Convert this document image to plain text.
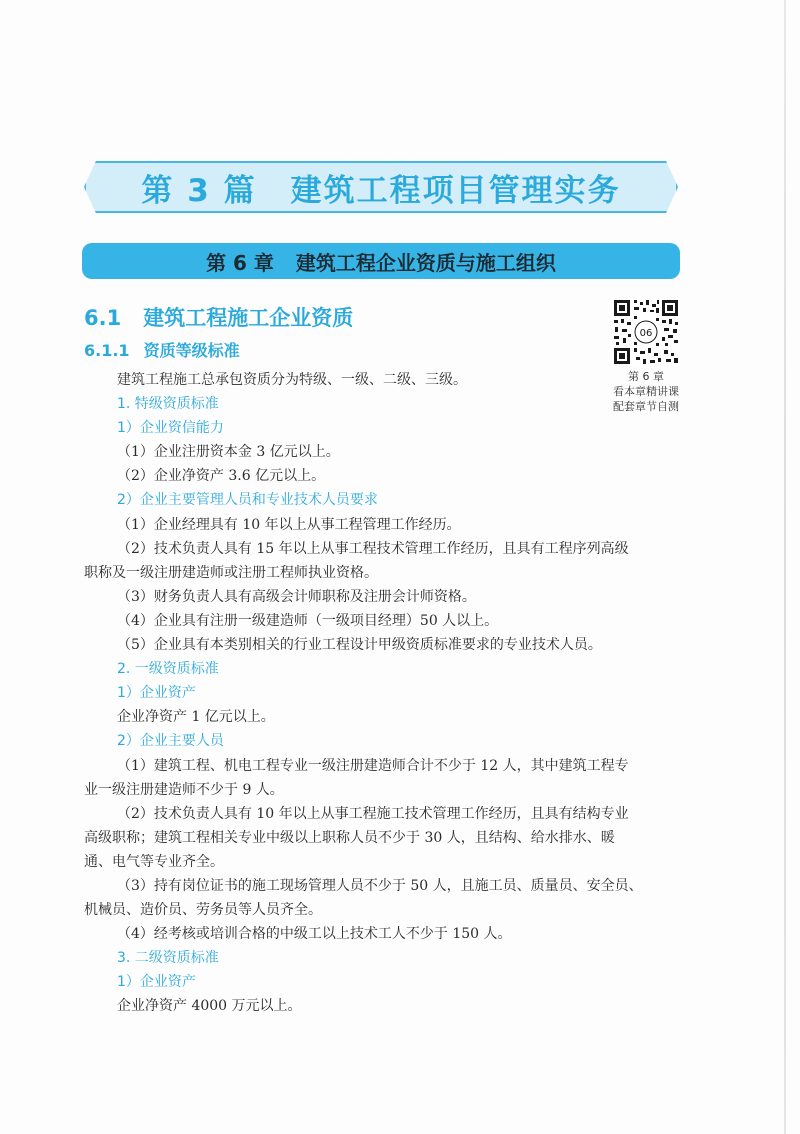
第 3 篇 建筑工程项目管理实务
第 6 章 建筑工程企业资质与施工组织
6.1 建筑工程施工企业资质
6.1.1 资质等级标准
06
第 6 章
看本章精讲课
配套章节自测

建筑工程施工总承包资质分为特级、一级、二级、三级。

1. 特级资质标准

1）企业资信能力

（1）企业注册资本金 3 亿元以上。

（2）企业净资产 3.6 亿元以上。

2）企业主要管理人员和专业技术人员要求

（1）企业经理具有 10 年以上从事工程管理工作经历。

（2）技术负责人具有 15 年以上从事工程技术管理工作经历，且具有工程序列高级

职称及一级注册建造师或注册工程师执业资格。

（3）财务负责人具有高级会计师职称及注册会计师资格。

（4）企业具有注册一级建造师（一级项目经理）50 人以上。

（5）企业具有本类别相关的行业工程设计甲级资质标准要求的专业技术人员。

2. 一级资质标准

1）企业资产

企业净资产 1 亿元以上。

2）企业主要人员

（1）建筑工程、机电工程专业一级注册建造师合计不少于 12 人，其中建筑工程专

业一级注册建造师不少于 9 人。

（2）技术负责人具有 10 年以上从事工程施工技术管理工作经历，且具有结构专业

高级职称；建筑工程相关专业中级以上职称人员不少于 30 人，且结构、给水排水、暖

通、电气等专业齐全。

（3）持有岗位证书的施工现场管理人员不少于 50 人，且施工员、质量员、安全员、

机械员、造价员、劳务员等人员齐全。

（4）经考核或培训合格的中级工以上技术工人不少于 150 人。

3. 二级资质标准

1）企业资产

企业净资产 4000 万元以上。
